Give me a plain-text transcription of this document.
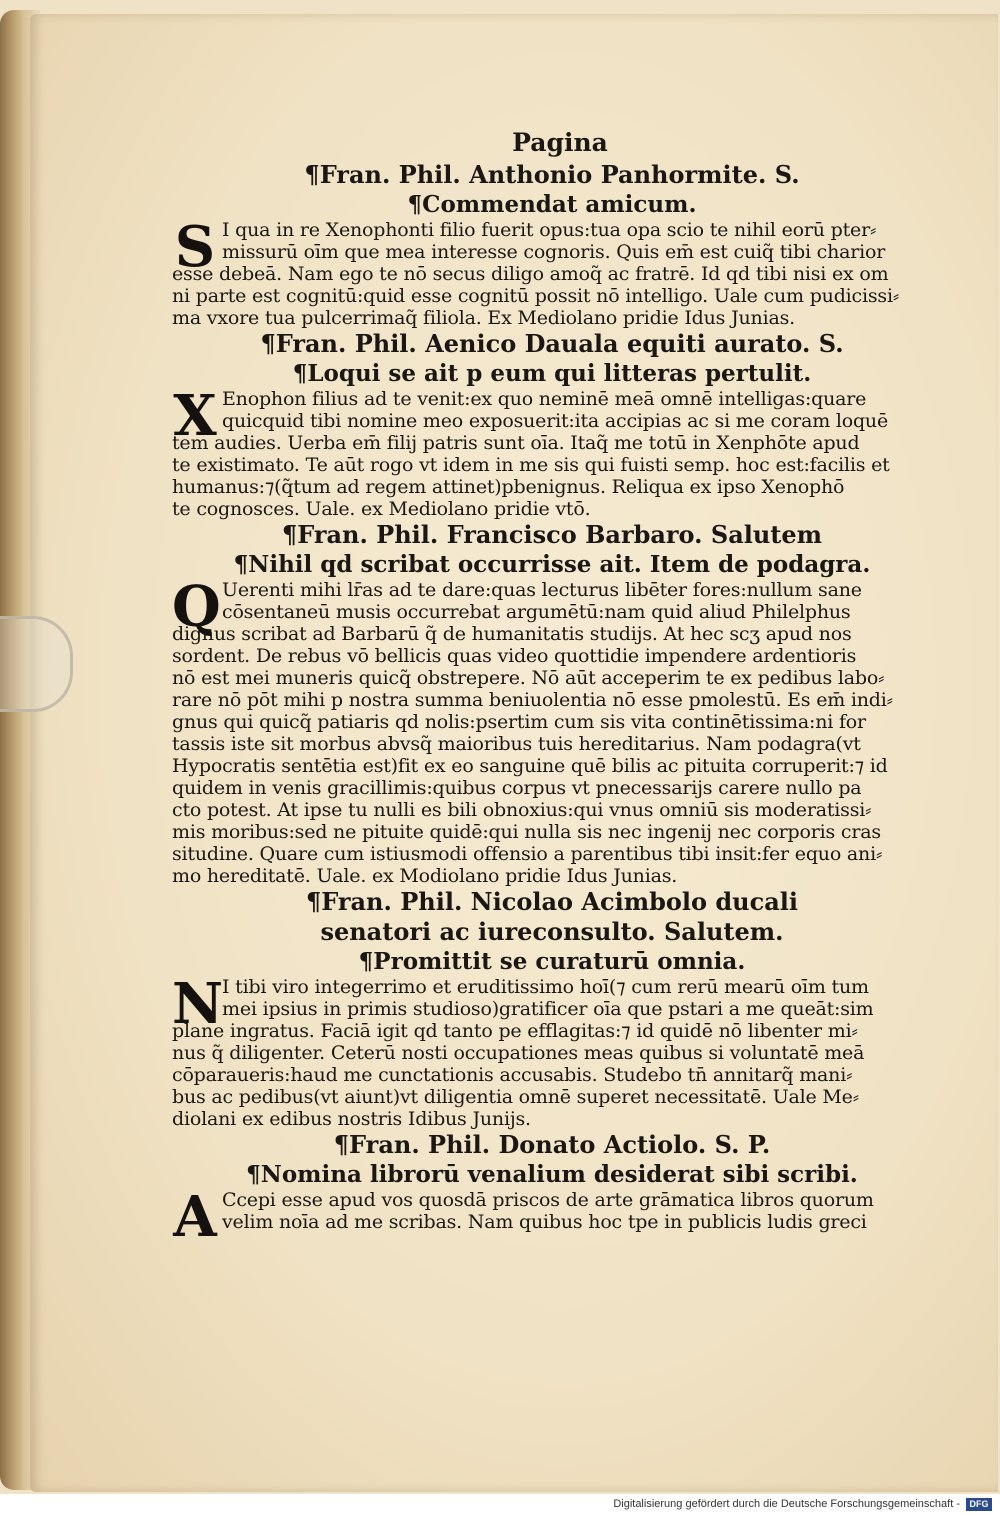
Pagina
¶Fran. Phil. Anthonio Panhormite. S.
¶Commendat amicum.
S I qua in re Xenophonti filio fuerit opus:tua opa scio te nihil eorū pter⸗
missurū oīm que mea interesse cognoris. Quis em̄ est cuiq̃ tibi charior
esse debeā. Nam ego te nō secus diligo amoq̃ ac fratrē. Id qd tibi nisi ex om
ni parte est cognitū:quid esse cognitū possit nō intelligo. Uale cum pudicissi⸗
ma vxore tua pulcerrimaq̃ filiola. Ex Mediolano pridie Idus Junias.
¶Fran. Phil. Aenico Dauala equiti aurato. S.
¶Loqui se ait p eum qui litteras pertulit.
X Enophon filius ad te venit:ex quo neminē meā omnē intelligas:quare
quicquid tibi nomine meo exposuerit:ita accipias ac si me coram loquē
tem audies. Uerba em̄ filij patris sunt oīa. Itaq̃ me totū in Xenphōte apud
te existimato. Te aūt rogo vt idem in me sis qui fuisti semp. hoc est:facilis et
humanus:⁊(q̃tum ad regem attinet)pbenignus. Reliqua ex ipso Xenophō
te cognosces. Uale. ex Mediolano pridie vtō.
¶Fran. Phil. Francisco Barbaro. Salutem
¶Nihil qd scribat occurrisse ait. Item de podagra.
Q Uerenti mihi lr̄as ad te dare:quas lecturus libēter fores:nullum sane
cōsentaneū musis occurrebat argumētū:nam quid aliud Philelphus
dignus scribat ad Barbarū q̃ de humanitatis studijs. At hec scʒ apud nos
sordent. De rebus vō bellicis quas video quottidie impendere ardentioris
nō est mei muneris quicq̃ obstrepere. Nō aūt acceperim te ex pedibus labo⸗
rare nō pōt mihi p nostra summa beniuolentia nō esse pmolestū. Es em̄ indi⸗
gnus qui quicq̃ patiaris qd nolis:psertim cum sis vita continētissima:ni for
tassis iste sit morbus abvsq̃ maioribus tuis hereditarius. Nam podagra(vt
Hypocratis sentētia est)fit ex eo sanguine quē bilis ac pituita corruperit:⁊ id
quidem in venis gracillimis:quibus corpus vt pnecessarijs carere nullo pa
cto potest. At ipse tu nulli es bili obnoxius:qui vnus omniū sis moderatissi⸗
mis moribus:sed ne pituite quidē:qui nulla sis nec ingenij nec corporis cras
situdine. Quare cum istiusmodi offensio a parentibus tibi insit:fer equo ani⸗
mo hereditatē. Uale. ex Modiolano pridie Idus Junias.
¶Fran. Phil. Nicolao Acimbolo ducali
senatori ac iureconsulto. Salutem.
¶Promittit se curaturū omnia.
N
I tibi viro integerrimo et eruditissimo hoī(⁊ cum rerū mearū oīm tum
mei ipsius in primis studioso)gratificer oīa que pstari a me queāt:sim
plane ingratus. Faciā igit qd tanto pe efflagitas:⁊ id quidē nō libenter mi⸗
nus q̃ diligenter. Ceterū nosti occupationes meas quibus si voluntatē meā
cōparaueris:haud me cunctationis accusabis. Studebo tn̄ annitarq̃ mani⸗
bus ac pedibus(vt aiunt)vt diligentia omnē superet necessitatē. Uale Me⸗
diolani ex edibus nostris Idibus Junijs.
¶Fran. Phil. Donato Actiolo. S. P.
¶Nomina librorū venalium desiderat sibi scribi.
A Ccepi esse apud vos quosdā priscos de arte grāmatica libros quorum
velim noīa ad me scribas. Nam quibus hoc tpe in publicis ludis greci
Digitalisierung gefördert durch die Deutsche Forschungsgemeinschaft -	DFG
